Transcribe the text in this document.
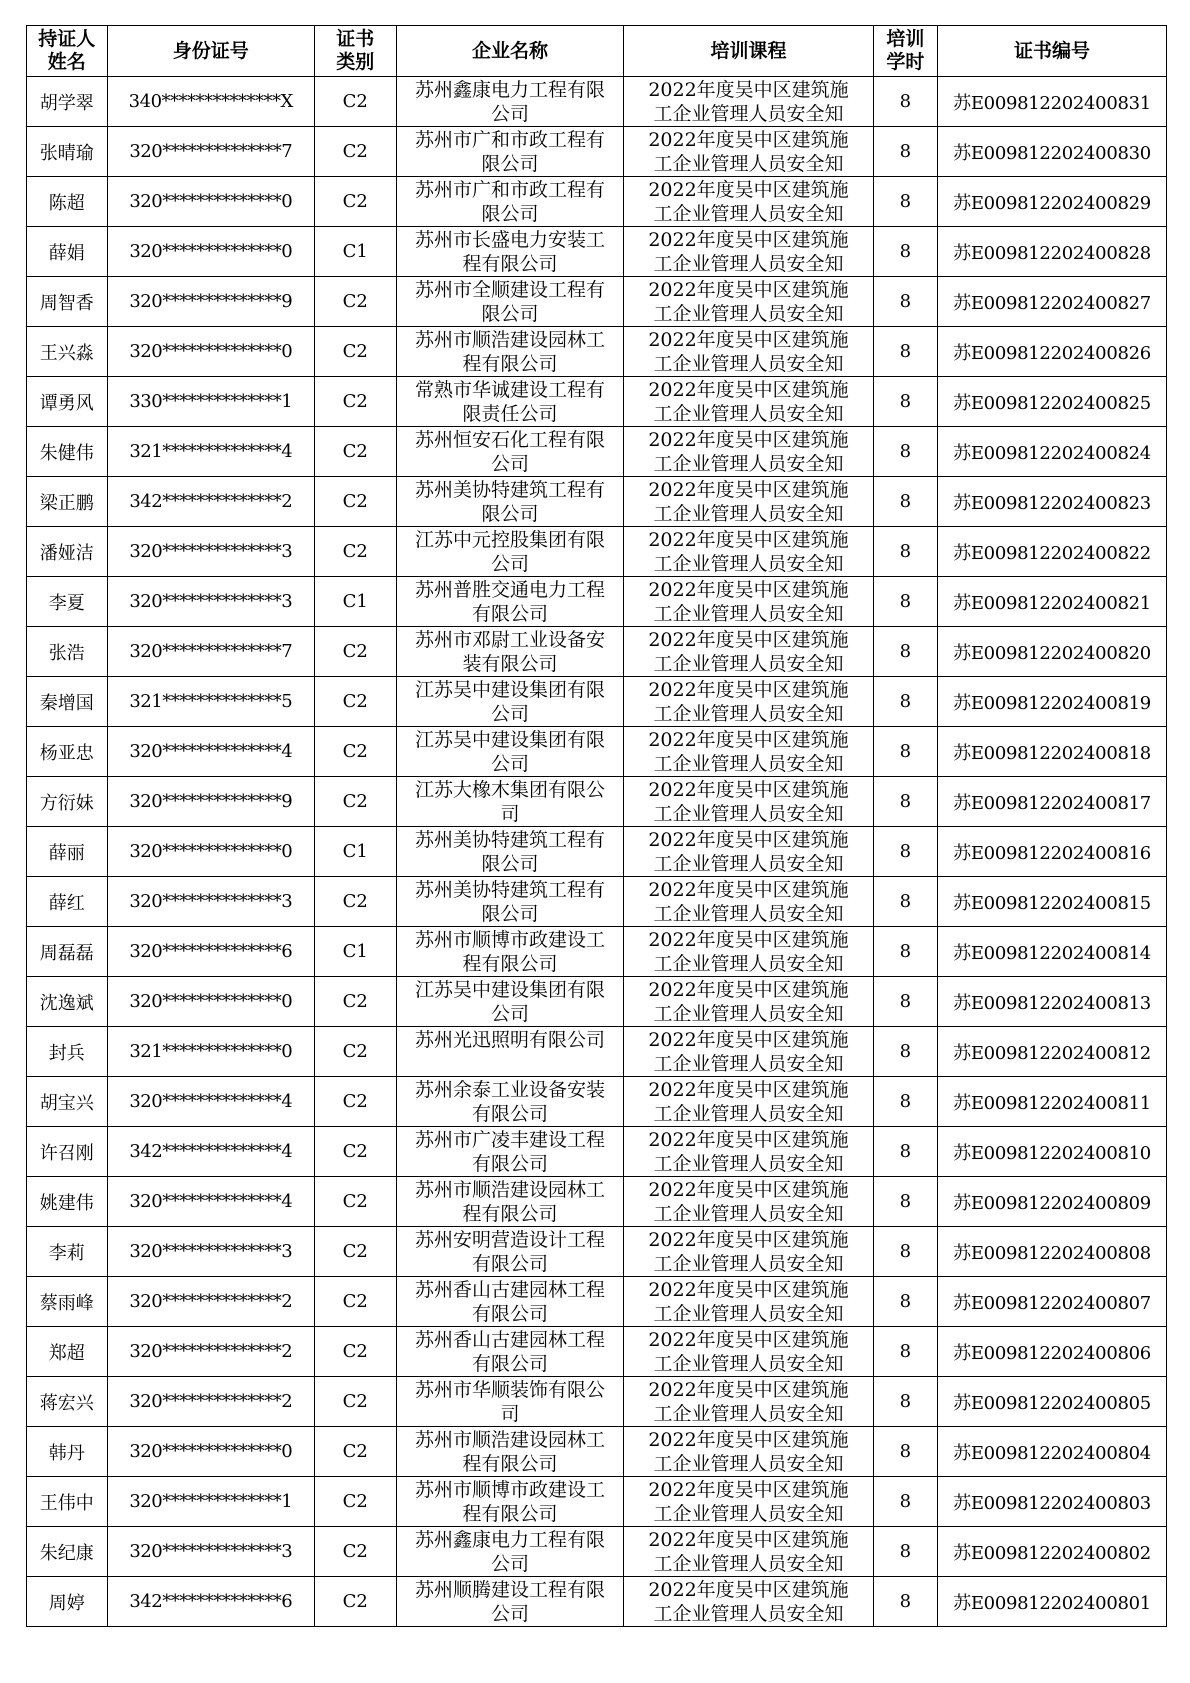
持证人姓名	身份证号	证书类别	企业名称	培训课程	培训学时	证书编号
胡学翠	340**************X	C2	苏州鑫康电力工程有限公司	2022年度吴中区建筑施工企业管理人员安全知	8	苏E009812202400831
张晴瑜	320**************7	C2	苏州市广和市政工程有限公司	2022年度吴中区建筑施工企业管理人员安全知	8	苏E009812202400830
陈超	320**************0	C2	苏州市广和市政工程有限公司	2022年度吴中区建筑施工企业管理人员安全知	8	苏E009812202400829
薛娟	320**************0	C1	苏州市长盛电力安装工程有限公司	2022年度吴中区建筑施工企业管理人员安全知	8	苏E009812202400828
周智香	320**************9	C2	苏州市全顺建设工程有限公司	2022年度吴中区建筑施工企业管理人员安全知	8	苏E009812202400827
王兴淼	320**************0	C2	苏州市顺浩建设园林工程有限公司	2022年度吴中区建筑施工企业管理人员安全知	8	苏E009812202400826
谭勇风	330**************1	C2	常熟市华诚建设工程有限责任公司	2022年度吴中区建筑施工企业管理人员安全知	8	苏E009812202400825
朱健伟	321**************4	C2	苏州恒安石化工程有限公司	2022年度吴中区建筑施工企业管理人员安全知	8	苏E009812202400824
梁正鹏	342**************2	C2	苏州美协特建筑工程有限公司	2022年度吴中区建筑施工企业管理人员安全知	8	苏E009812202400823
潘娅洁	320**************3	C2	江苏中元控股集团有限公司	2022年度吴中区建筑施工企业管理人员安全知	8	苏E009812202400822
李夏	320**************3	C1	苏州普胜交通电力工程有限公司	2022年度吴中区建筑施工企业管理人员安全知	8	苏E009812202400821
张浩	320**************7	C2	苏州市邓尉工业设备安装有限公司	2022年度吴中区建筑施工企业管理人员安全知	8	苏E009812202400820
秦增国	321**************5	C2	江苏吴中建设集团有限公司	2022年度吴中区建筑施工企业管理人员安全知	8	苏E009812202400819
杨亚忠	320**************4	C2	江苏吴中建设集团有限公司	2022年度吴中区建筑施工企业管理人员安全知	8	苏E009812202400818
方衍妹	320**************9	C2	江苏大橡木集团有限公司	2022年度吴中区建筑施工企业管理人员安全知	8	苏E009812202400817
薛丽	320**************0	C1	苏州美协特建筑工程有限公司	2022年度吴中区建筑施工企业管理人员安全知	8	苏E009812202400816
薛红	320**************3	C2	苏州美协特建筑工程有限公司	2022年度吴中区建筑施工企业管理人员安全知	8	苏E009812202400815
周磊磊	320**************6	C1	苏州市顺博市政建设工程有限公司	2022年度吴中区建筑施工企业管理人员安全知	8	苏E009812202400814
沈逸斌	320**************0	C2	江苏吴中建设集团有限公司	2022年度吴中区建筑施工企业管理人员安全知	8	苏E009812202400813
封兵	321**************0	C2	苏州光迅照明有限公司	2022年度吴中区建筑施工企业管理人员安全知	8	苏E009812202400812
胡宝兴	320**************4	C2	苏州余泰工业设备安装有限公司	2022年度吴中区建筑施工企业管理人员安全知	8	苏E009812202400811
许召刚	342**************4	C2	苏州市广凌丰建设工程有限公司	2022年度吴中区建筑施工企业管理人员安全知	8	苏E009812202400810
姚建伟	320**************4	C2	苏州市顺浩建设园林工程有限公司	2022年度吴中区建筑施工企业管理人员安全知	8	苏E009812202400809
李莉	320**************3	C2	苏州安明营造设计工程有限公司	2022年度吴中区建筑施工企业管理人员安全知	8	苏E009812202400808
蔡雨峰	320**************2	C2	苏州香山古建园林工程有限公司	2022年度吴中区建筑施工企业管理人员安全知	8	苏E009812202400807
郑超	320**************2	C2	苏州香山古建园林工程有限公司	2022年度吴中区建筑施工企业管理人员安全知	8	苏E009812202400806
蒋宏兴	320**************2	C2	苏州市华顺装饰有限公司	2022年度吴中区建筑施工企业管理人员安全知	8	苏E009812202400805
韩丹	320**************0	C2	苏州市顺浩建设园林工程有限公司	2022年度吴中区建筑施工企业管理人员安全知	8	苏E009812202400804
王伟中	320**************1	C2	苏州市顺博市政建设工程有限公司	2022年度吴中区建筑施工企业管理人员安全知	8	苏E009812202400803
朱纪康	320**************3	C2	苏州鑫康电力工程有限公司	2022年度吴中区建筑施工企业管理人员安全知	8	苏E009812202400802
周婷	342**************6	C2	苏州顺腾建设工程有限公司	2022年度吴中区建筑施工企业管理人员安全知	8	苏E009812202400801
